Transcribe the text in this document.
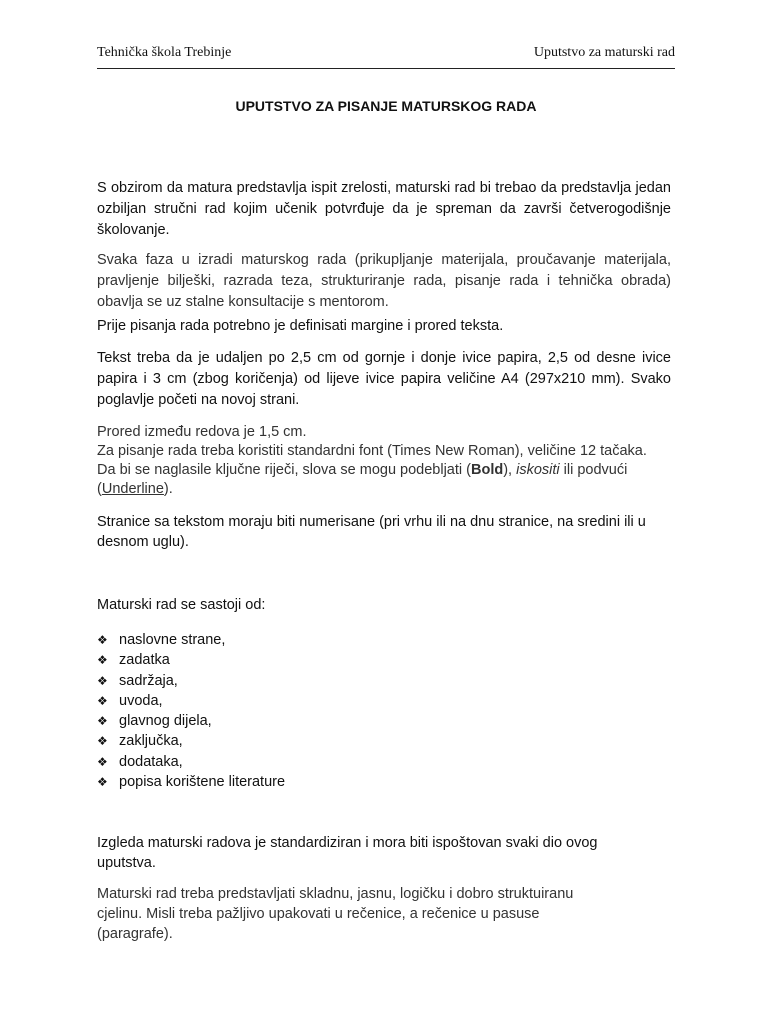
Tehnička škola Trebinje	Uputstvo za maturski rad
UPUTSTVO ZA PISANJE MATURSKOG RADA
S obzirom da matura predstavlja ispit zrelosti, maturski rad bi trebao da predstavlja jedan ozbiljan stručni rad kojim učenik potvrđuje da je spreman da završi četverogodišnje školovanje.
Svaka faza u izradi maturskog rada (prikupljanje materijala, proučavanje materijala, pravljenje bilješki, razrada teza, strukturiranje rada, pisanje rada i tehnička obrada) obavlja se uz stalne konsultacije s mentorom.
Prije pisanja rada potrebno je definisati margine i prored teksta.
Tekst treba da je udaljen po 2,5 cm od gornje i donje ivice papira, 2,5 od desne ivice papira i 3 cm (zbog koričenja) od lijeve ivice papira veličine A4 (297x210 mm). Svako poglavlje početi na novoj strani.
Prored između redova je 1,5 cm.
Za pisanje rada treba koristiti standardni font (Times New Roman), veličine 12 tačaka.
Da bi se naglasile ključne riječi, slova se mogu podebljati (Bold), iskositi ili podvući (Underline).
Stranice sa tekstom moraju biti numerisane (pri vrhu ili na dnu stranice, na sredini ili u desnom uglu).
Maturski rad se sastoji od:
❖ naslovne strane,
❖ zadatka
❖ sadržaja,
❖ uvoda,
❖ glavnog dijela,
❖ zaključka,
❖ dodataka,
❖ popisa korištene literature
Izgleda maturski radova je standardiziran i mora biti ispoštovan svaki dio ovog uputstva.
Maturski rad treba predstavljati skladnu, jasnu, logičku i dobro struktuiranu cjelinu. Misli treba pažljivo upakovati u rečenice, a rečenice u pasuse (paragrafe).
